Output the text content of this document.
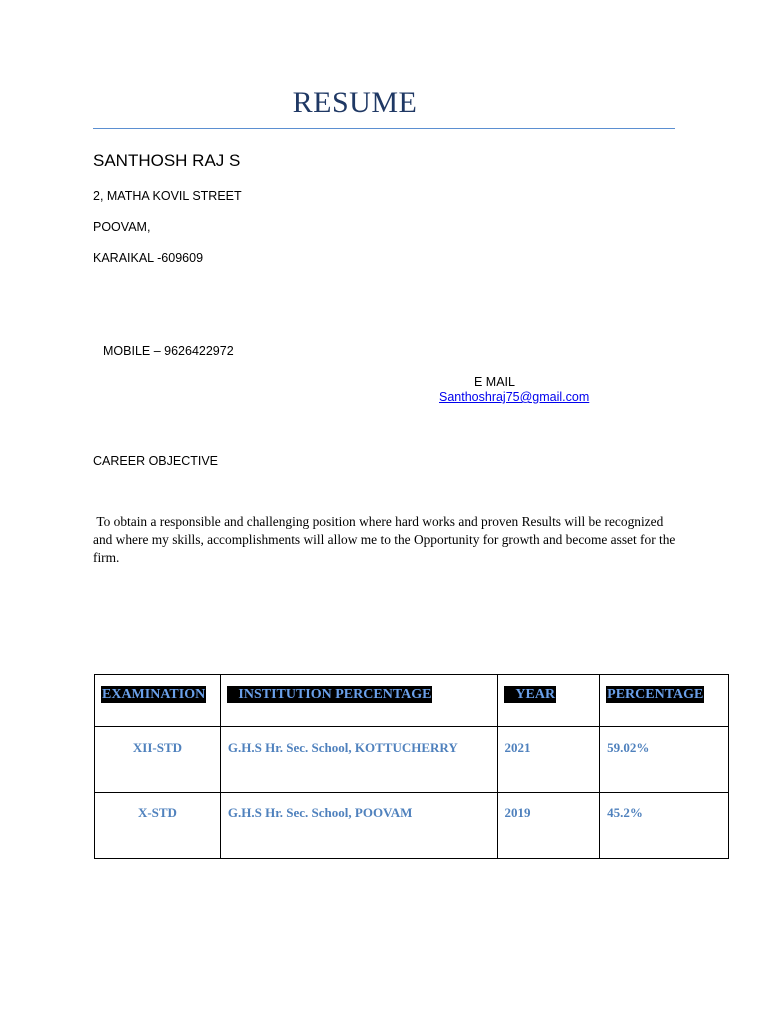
RESUME
SANTHOSH RAJ S
2, MATHA KOVIL STREET
POOVAM,
KARAIKAL -609609
MOBILE – 9626422972
E MAIL
Santhoshraj75@gmail.com
CAREER OBJECTIVE
To obtain a responsible and challenging position where hard works and proven Results will be recognized and where my skills, accomplishments will allow me to the Opportunity for growth and become asset for the firm.
EXAMINATION	INSTITUTION PERCENTAGE	YEAR	PERCENTAGE

XII-STD	G.H.S Hr. Sec. School, KOTTUCHERRY	2021	59.02%

X-STD	G.H.S Hr. Sec. School, POOVAM	2019	45.2%
